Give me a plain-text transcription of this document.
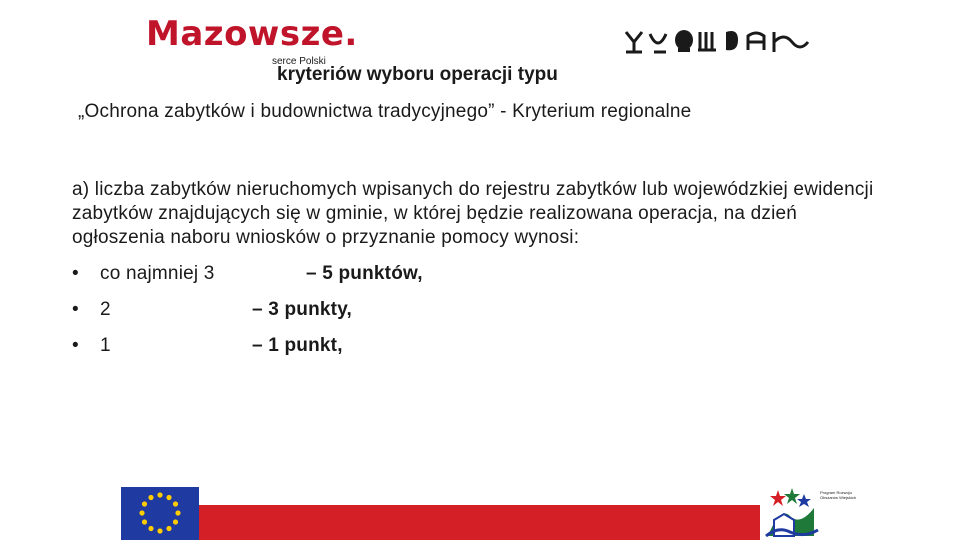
Mazowsze.
serce Polski
kryteriów wyboru operacji typu
„Ochrona zabytków i budownictwa tradycyjnego” - Kryterium regionalne

a) liczba zabytków nieruchomych wpisanych do rejestru zabytków lub wojewódzkiej ewidencji zabytków znajdujących się w gminie, w której będzie realizowana operacja, na dzień ogłoszenia naboru wniosków o przyznanie pomocy wynosi:

• co najmniej 3	– 5 punktów,
• 2	– 3 punkty,
• 1	– 1 punkt,
Program Rozwoju Obszarów Wiejskich
